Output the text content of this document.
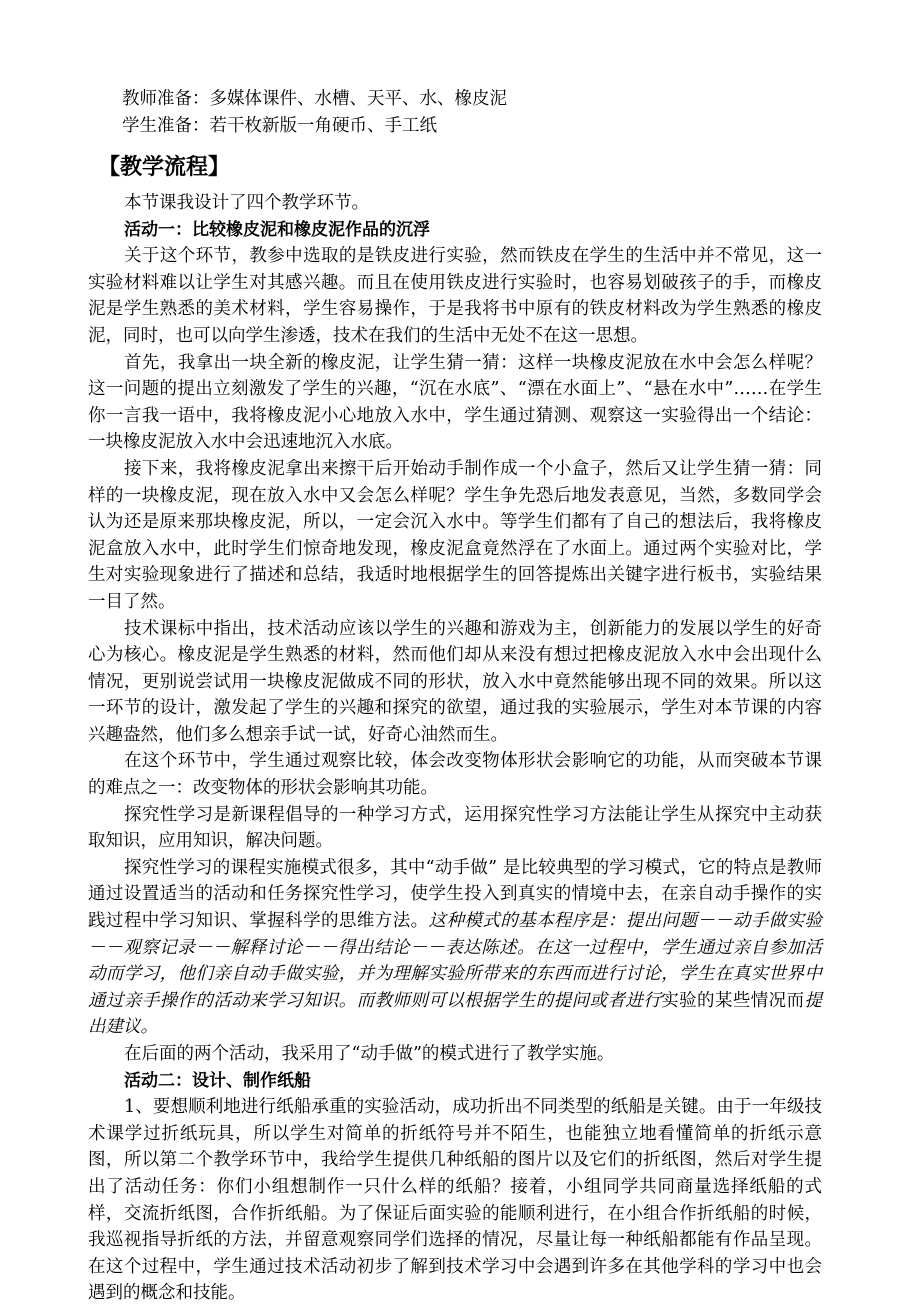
教师准备：多媒体课件、水槽、天平、水、橡皮泥

学生准备：若干枚新版一角硬币、手工纸

【教学流程】

本节课我设计了四个教学环节。

活动一：比较橡皮泥和橡皮泥作品的沉浮

关于这个环节，教参中选取的是铁皮进行实验，然而铁皮在学生的生活中并不常见，这一实验材料难以让学生对其感兴趣。而且在使用铁皮进行实验时，也容易划破孩子的手，而橡皮泥是学生熟悉的美术材料，学生容易操作，于是我将书中原有的铁皮材料改为学生熟悉的橡皮泥，同时，也可以向学生渗透，技术在我们的生活中无处不在这一思想。

首先，我拿出一块全新的橡皮泥，让学生猜一猜：这样一块橡皮泥放在水中会怎么样呢？这一问题的提出立刻激发了学生的兴趣，“沉在水底”、“漂在水面上”、“悬在水中”……在学生你一言我一语中，我将橡皮泥小心地放入水中，学生通过猜测、观察这一实验得出一个结论：一块橡皮泥放入水中会迅速地沉入水底。

接下来，我将橡皮泥拿出来擦干后开始动手制作成一个小盒子，然后又让学生猜一猜：同样的一块橡皮泥，现在放入水中又会怎么样呢？学生争先恐后地发表意见，当然，多数同学会认为还是原来那块橡皮泥，所以，一定会沉入水中。等学生们都有了自己的想法后，我将橡皮泥盒放入水中，此时学生们惊奇地发现，橡皮泥盒竟然浮在了水面上。通过两个实验对比，学生对实验现象进行了描述和总结，我适时地根据学生的回答提炼出关键字进行板书，实验结果一目了然。

技术课标中指出，技术活动应该以学生的兴趣和游戏为主，创新能力的发展以学生的好奇心为核心。橡皮泥是学生熟悉的材料，然而他们却从来没有想过把橡皮泥放入水中会出现什么情况，更别说尝试用一块橡皮泥做成不同的形状，放入水中竟然能够出现不同的效果。所以这一环节的设计，激发起了学生的兴趣和探究的欲望，通过我的实验展示，学生对本节课的内容兴趣盎然，他们多么想亲手试一试，好奇心油然而生。

在这个环节中，学生通过观察比较，体会改变物体形状会影响它的功能，从而突破本节课的难点之一：改变物体的形状会影响其功能。

探究性学习是新课程倡导的一种学习方式，运用探究性学习方法能让学生从探究中主动获取知识，应用知识，解决问题。

探究性学习的课程实施模式很多，其中“动手做” 是比较典型的学习模式，它的特点是教师通过设置适当的活动和任务探究性学习，使学生投入到真实的情境中去，在亲自动手操作的实践过程中学习知识、掌握科学的思维方法。这种模式的基本程序是：提出问题－－动手做实验－－观察记录－－解释讨论－－得出结论－－表达陈述。在这一过程中，学生通过亲自参加活动而学习，他们亲自动手做实验，并为理解实验所带来的东西而进行讨论，学生在真实世界中通过亲手操作的活动来学习知识。而教师则可以根据学生的提问或者进行实验的某些情况而提出建议。

在后面的两个活动，我采用了“动手做”的模式进行了教学实施。

活动二：设计、制作纸船

1、要想顺利地进行纸船承重的实验活动，成功折出不同类型的纸船是关键。由于一年级技术课学过折纸玩具，所以学生对简单的折纸符号并不陌生，也能独立地看懂简单的折纸示意图，所以第二个教学环节中，我给学生提供几种纸船的图片以及它们的折纸图，然后对学生提出了活动任务：你们小组想制作一只什么样的纸船？接着，小组同学共同商量选择纸船的式样，交流折纸图，合作折纸船。为了保证后面实验的能顺利进行，在小组合作折纸船的时候，我巡视指导折纸的方法，并留意观察同学们选择的情况，尽量让每一种纸船都能有作品呈现。在这个过程中，学生通过技术活动初步了解到技术学习中会遇到许多在其他学科的学习中也会遇到的概念和技能。
